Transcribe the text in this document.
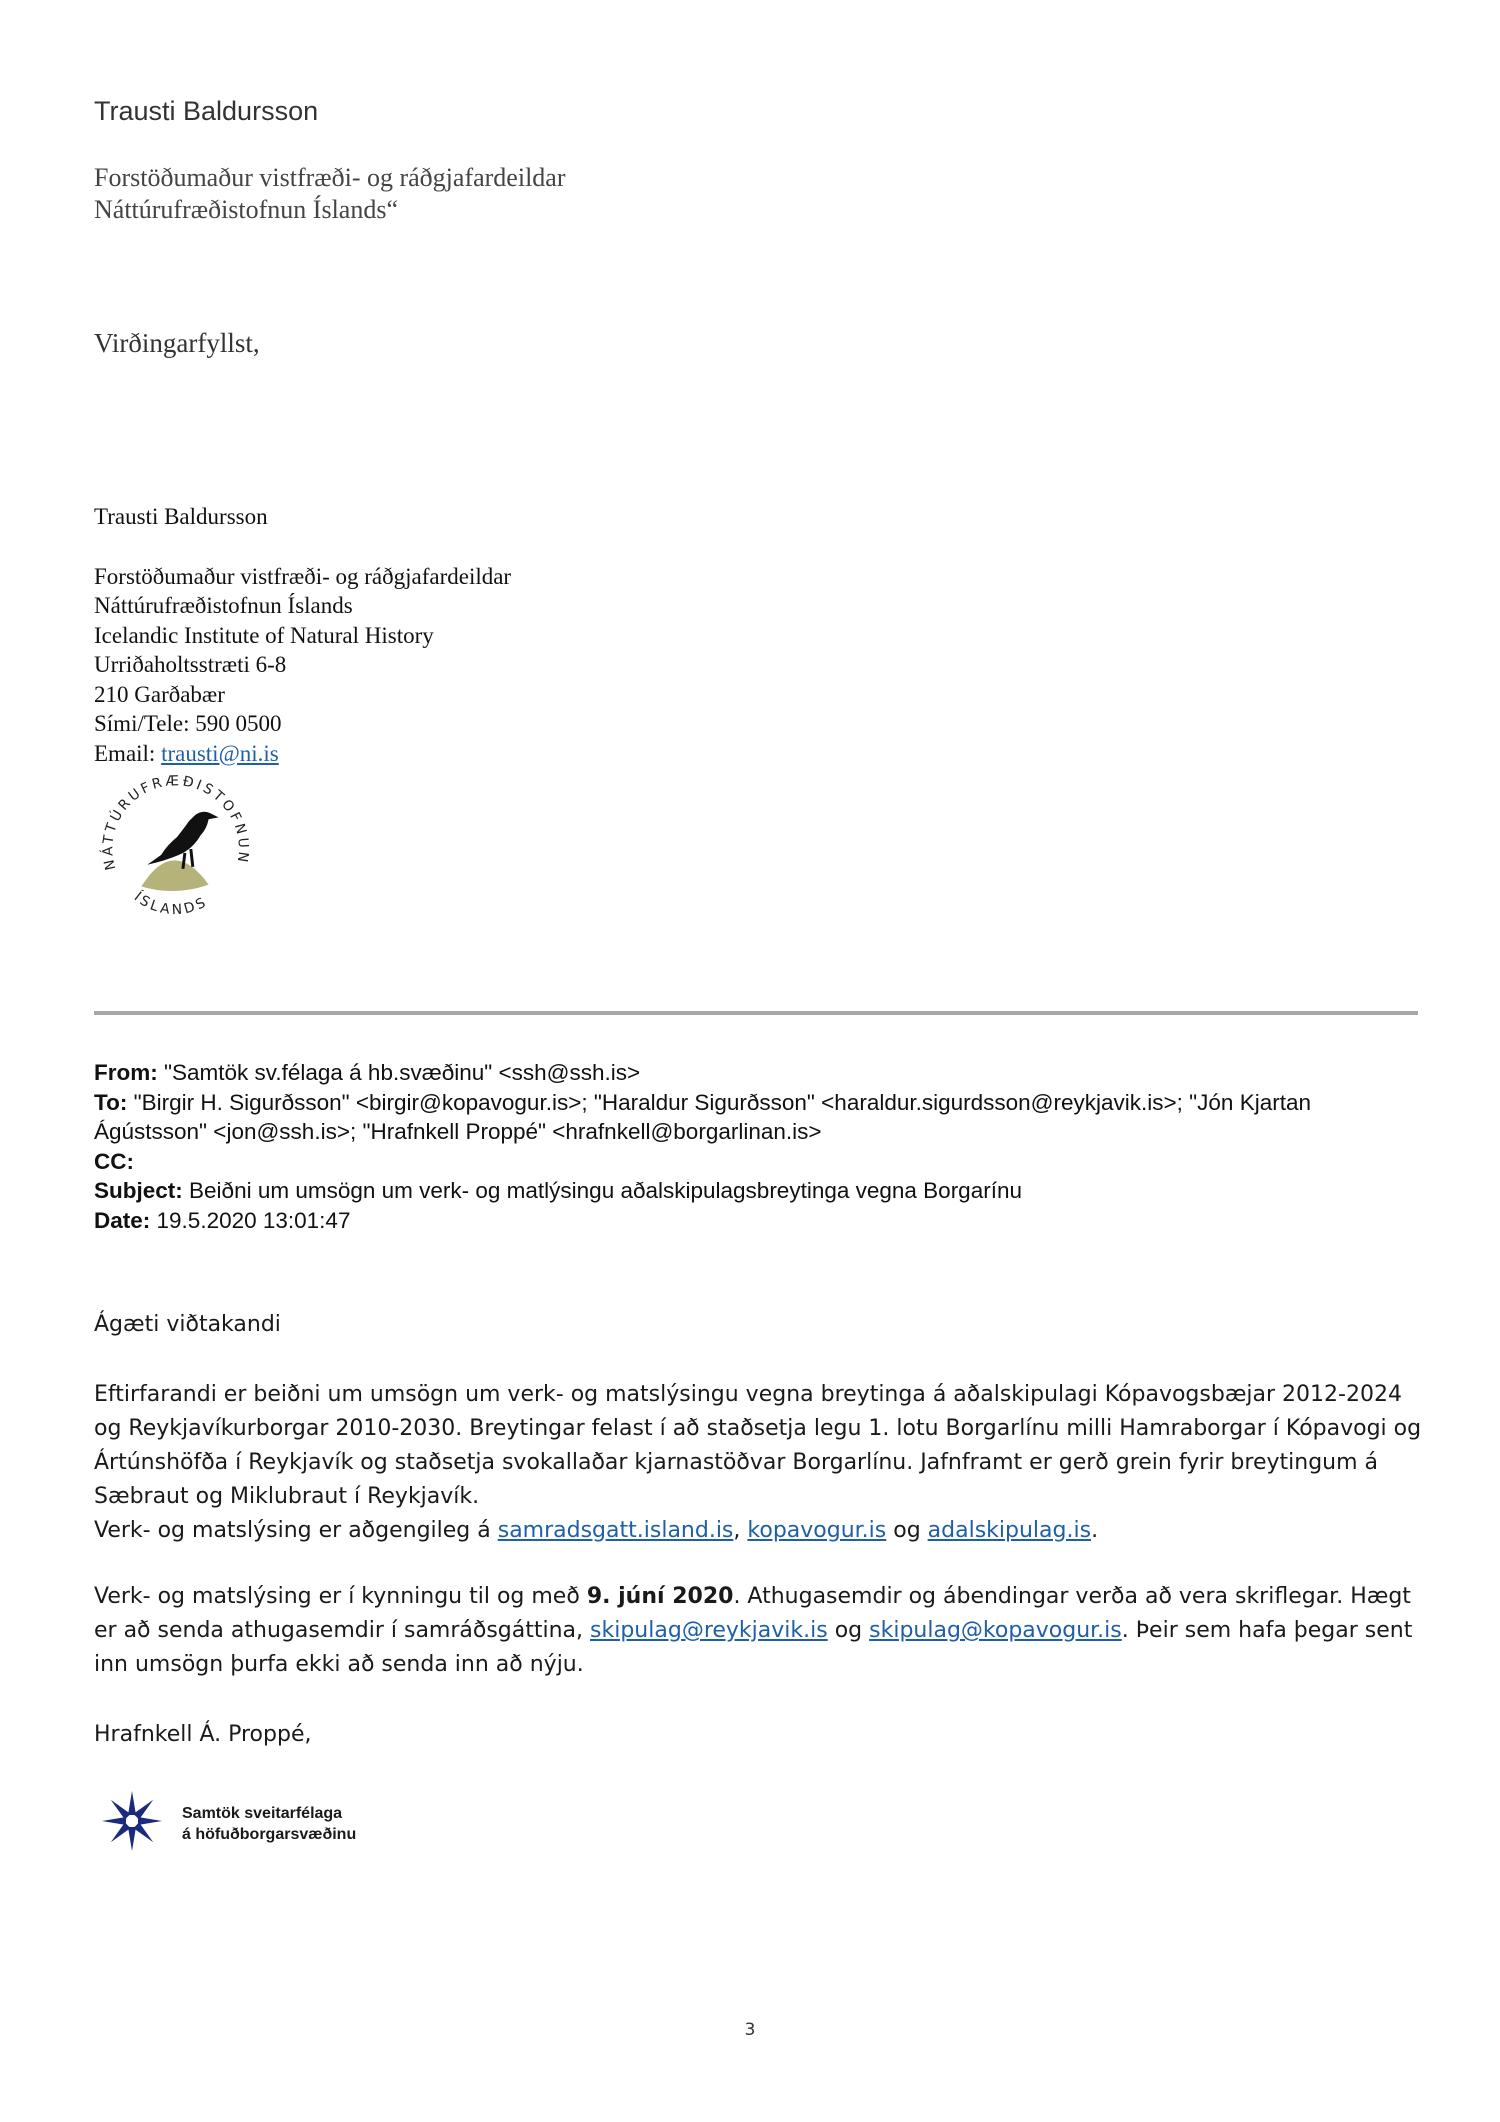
Trausti Baldursson
Forstöðumaður vistfræði- og ráðgjafardeildar
Náttúrufræðistofnun Íslands“
Virðingarfyllst,
Trausti Baldursson
Forstöðumaður vistfræði- og ráðgjafardeildar
Náttúrufræðistofnun Íslands
Icelandic Institute of Natural History
Urriðaholtsstræti 6-8
210 Garðabær
Sími/Tele: 590 0500
Email: trausti@ni.is
NÁTTÚRUFRÆÐISTOFNUN
ÍSLANDS
From: "Samtök sv.félaga á hb.svæðinu" <ssh@ssh.is>
To: "Birgir H. Sigurðsson" <birgir@kopavogur.is>; "Haraldur Sigurðsson" <haraldur.sigurdsson@reykjavik.is>; "Jón Kjartan Ágústsson" <jon@ssh.is>; "Hrafnkell Proppé" <hrafnkell@borgarlinan.is>
CC:
Subject: Beiðni um umsögn um verk- og matlýsingu aðalskipulagsbreytinga vegna Borgarínu
Date: 19.5.2020 13:01:47
Ágæti viðtakandi
Eftirfarandi er beiðni um umsögn um verk- og matslýsingu vegna breytinga á aðalskipulagi Kópavogsbæjar 2012-2024 og Reykjavíkurborgar 2010-2030. Breytingar felast í að staðsetja legu 1. lotu Borgarlínu milli Hamraborgar í Kópavogi og Ártúnshöfða í Reykjavík og staðsetja svokallaðar kjarnastöðvar Borgarlínu. Jafnframt er gerð grein fyrir breytingum á Sæbraut og Miklubraut í Reykjavík.
Verk- og matslýsing er aðgengileg á samradsgatt.island.is, kopavogur.is og adalskipulag.is.
Verk- og matslýsing er í kynningu til og með 9. júní 2020. Athugasemdir og ábendingar verða að vera skriflegar. Hægt er að senda athugasemdir í samráðsgáttina, skipulag@reykjavik.is og skipulag@kopavogur.is. Þeir sem hafa þegar sent inn umsögn þurfa ekki að senda inn að nýju.
Hrafnkell Á. Proppé,
Samtök sveitarfélaga
á höfuðborgarsvæðinu
3
